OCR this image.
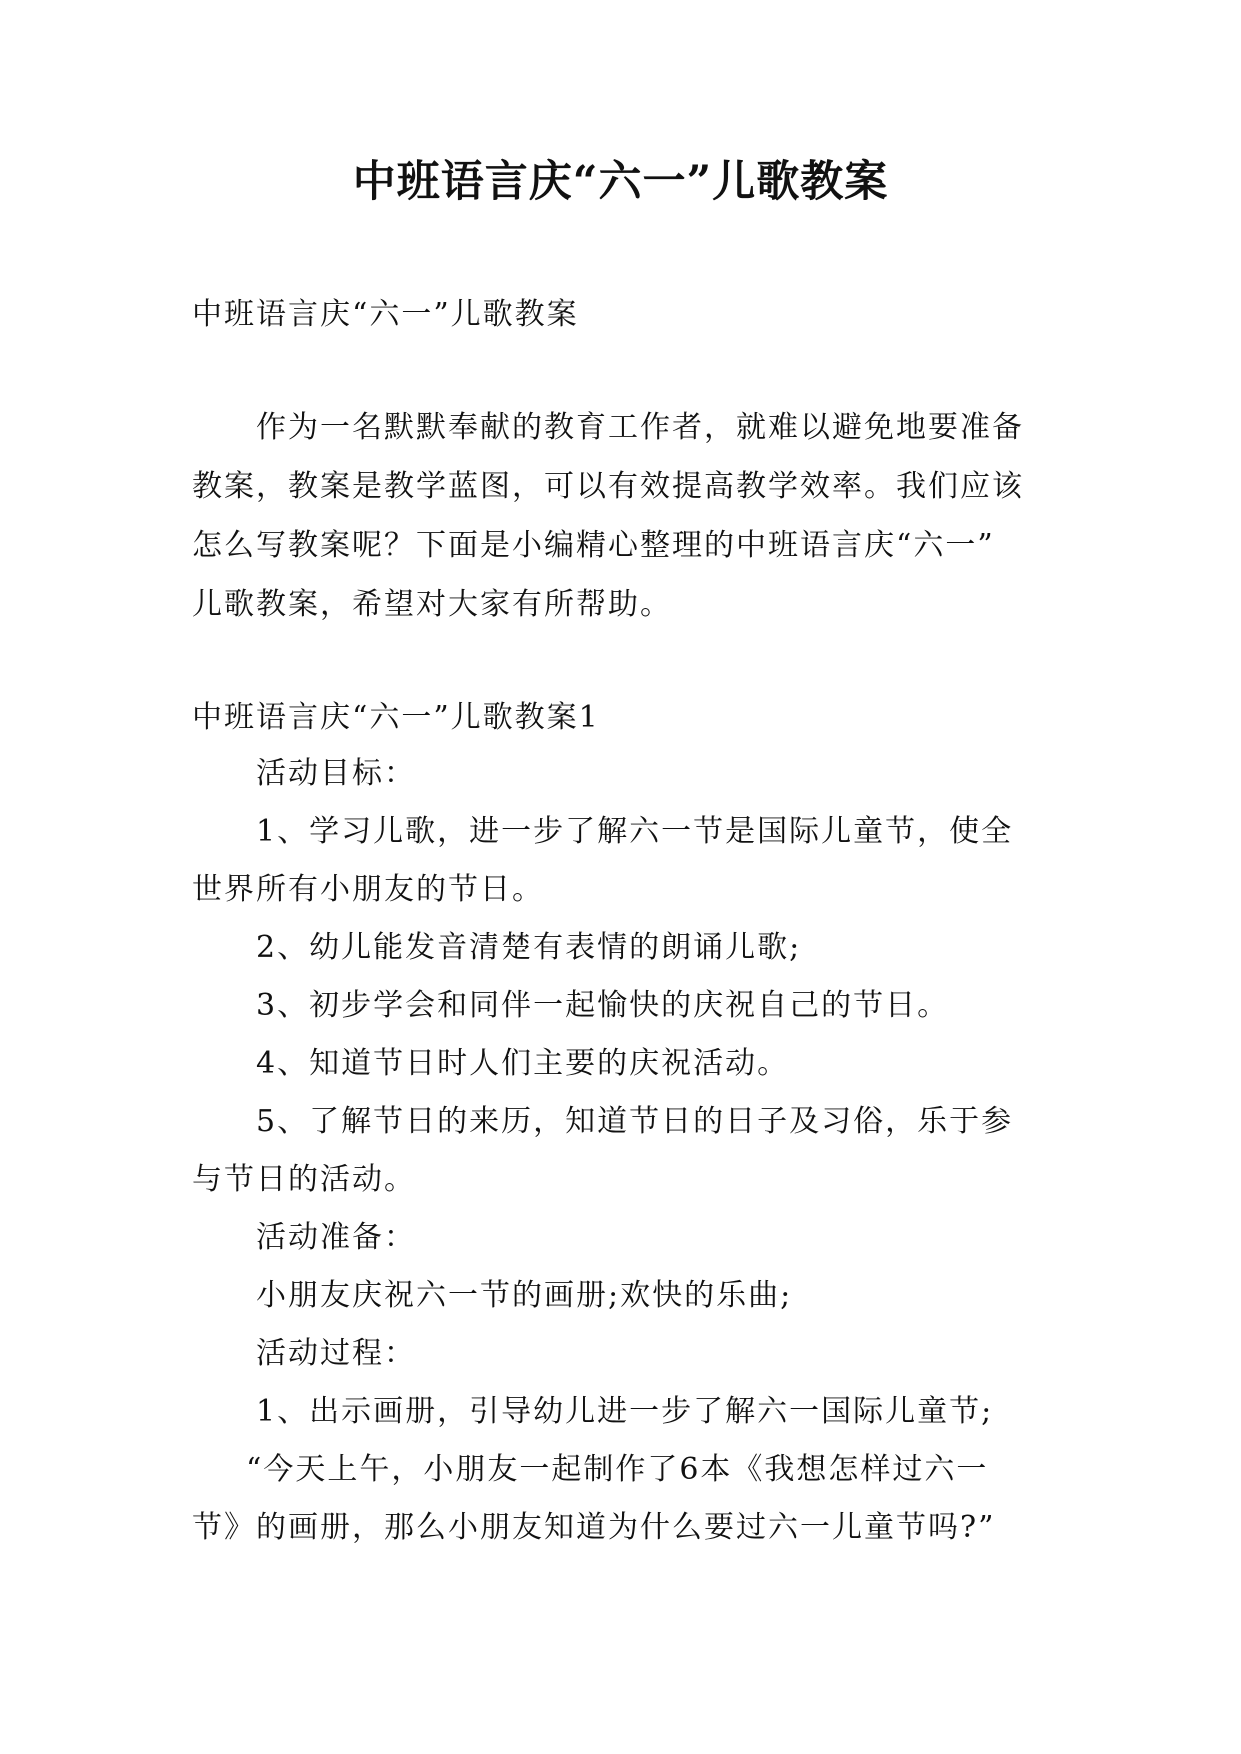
中班语言庆“六一”儿歌教案
中班语言庆“六一”儿歌教案
作为一名默默奉献的教育工作者，就难以避免地要准备
教案，教案是教学蓝图，可以有效提高教学效率。我们应该
怎么写教案呢？下面是小编精心整理的中班语言庆“六一”
儿歌教案，希望对大家有所帮助。
中班语言庆“六一”儿歌教案1
活动目标：
1、学习儿歌，进一步了解六一节是国际儿童节，使全
世界所有小朋友的节日。
2、幼儿能发音清楚有表情的朗诵儿歌;
3、初步学会和同伴一起愉快的庆祝自己的节日。
4、知道节日时人们主要的庆祝活动。
5、了解节日的来历，知道节日的日子及习俗，乐于参
与节日的活动。
活动准备：
小朋友庆祝六一节的画册;欢快的乐曲;
活动过程：
1、出示画册，引导幼儿进一步了解六一国际儿童节;
“今天上午，小朋友一起制作了6本《我想怎样过六一
节》的画册，那么小朋友知道为什么要过六一儿童节吗?”
